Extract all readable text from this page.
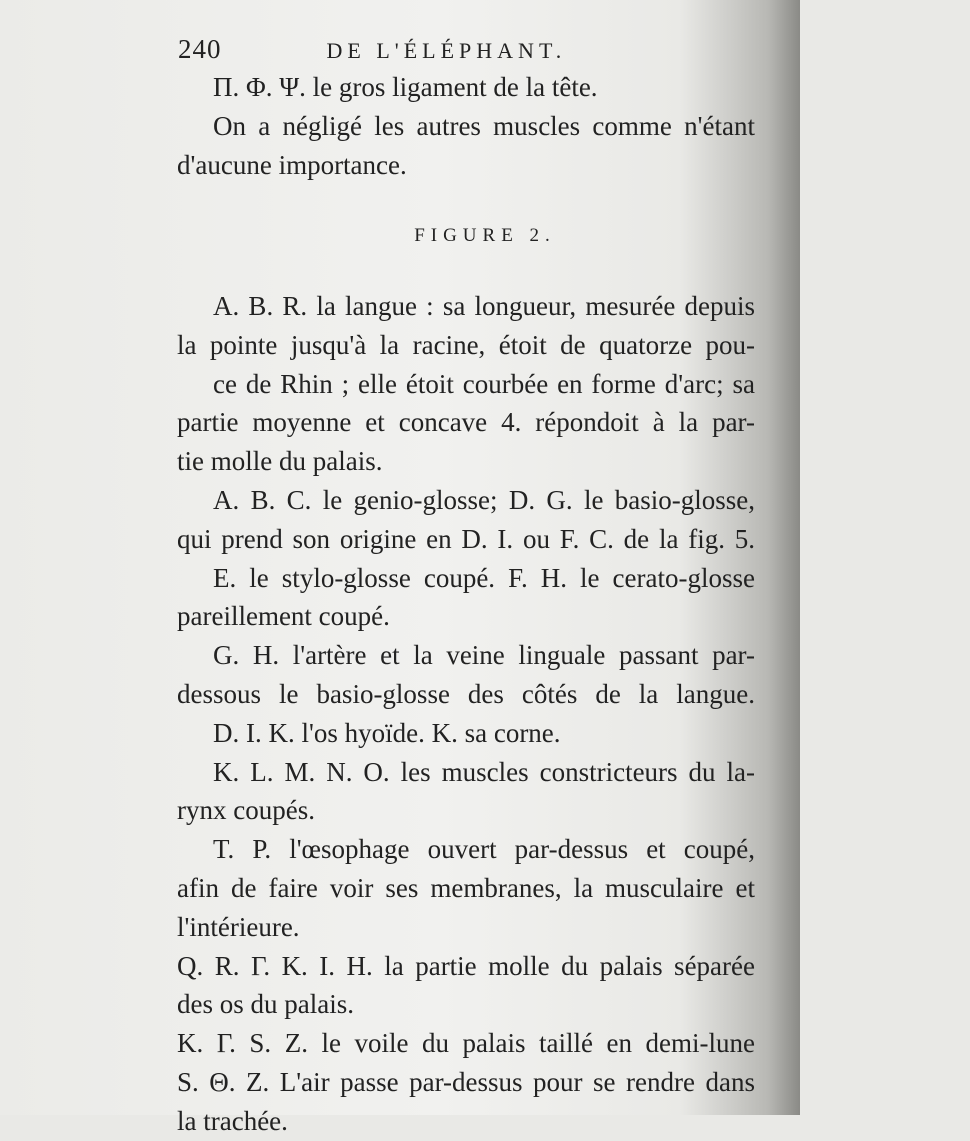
240	DE L'ÉLÉPHANT.
Π. Φ. Ψ. le gros ligament de la tête.
On a négligé les autres muscles comme n'étant
d'aucune importance.
FIGURE 2.
A. B. R. la langue : sa longueur, mesurée depuis
la pointe jusqu'à la racine, étoit de quatorze pou-
ce de Rhin ; elle étoit courbée en forme d'arc; sa
partie moyenne et concave 4. répondoit à la par-
tie molle du palais.
A. B. C. le genio-glosse; D. G. le basio-glosse,
qui prend son origine en D. I. ou F. C. de la fig. 5.
E. le stylo-glosse coupé. F. H. le cerato-glosse
pareillement coupé.
G. H. l'artère et la veine linguale passant par-
dessous le basio-glosse des côtés de la langue.
D. I. K. l'os hyoïde. K. sa corne.
K. L. M. N. O. les muscles constricteurs du la-
rynx coupés.
T. P. l'œsophage ouvert par-dessus et coupé,
afin de faire voir ses membranes, la musculaire et
l'intérieure.
Q. R. Γ. K. I. H. la partie molle du palais séparée
des os du palais.
K. Γ. S. Z. le voile du palais taillé en demi-lune
S. Θ. Z. L'air passe par-dessus pour se rendre dans
la trachée.
